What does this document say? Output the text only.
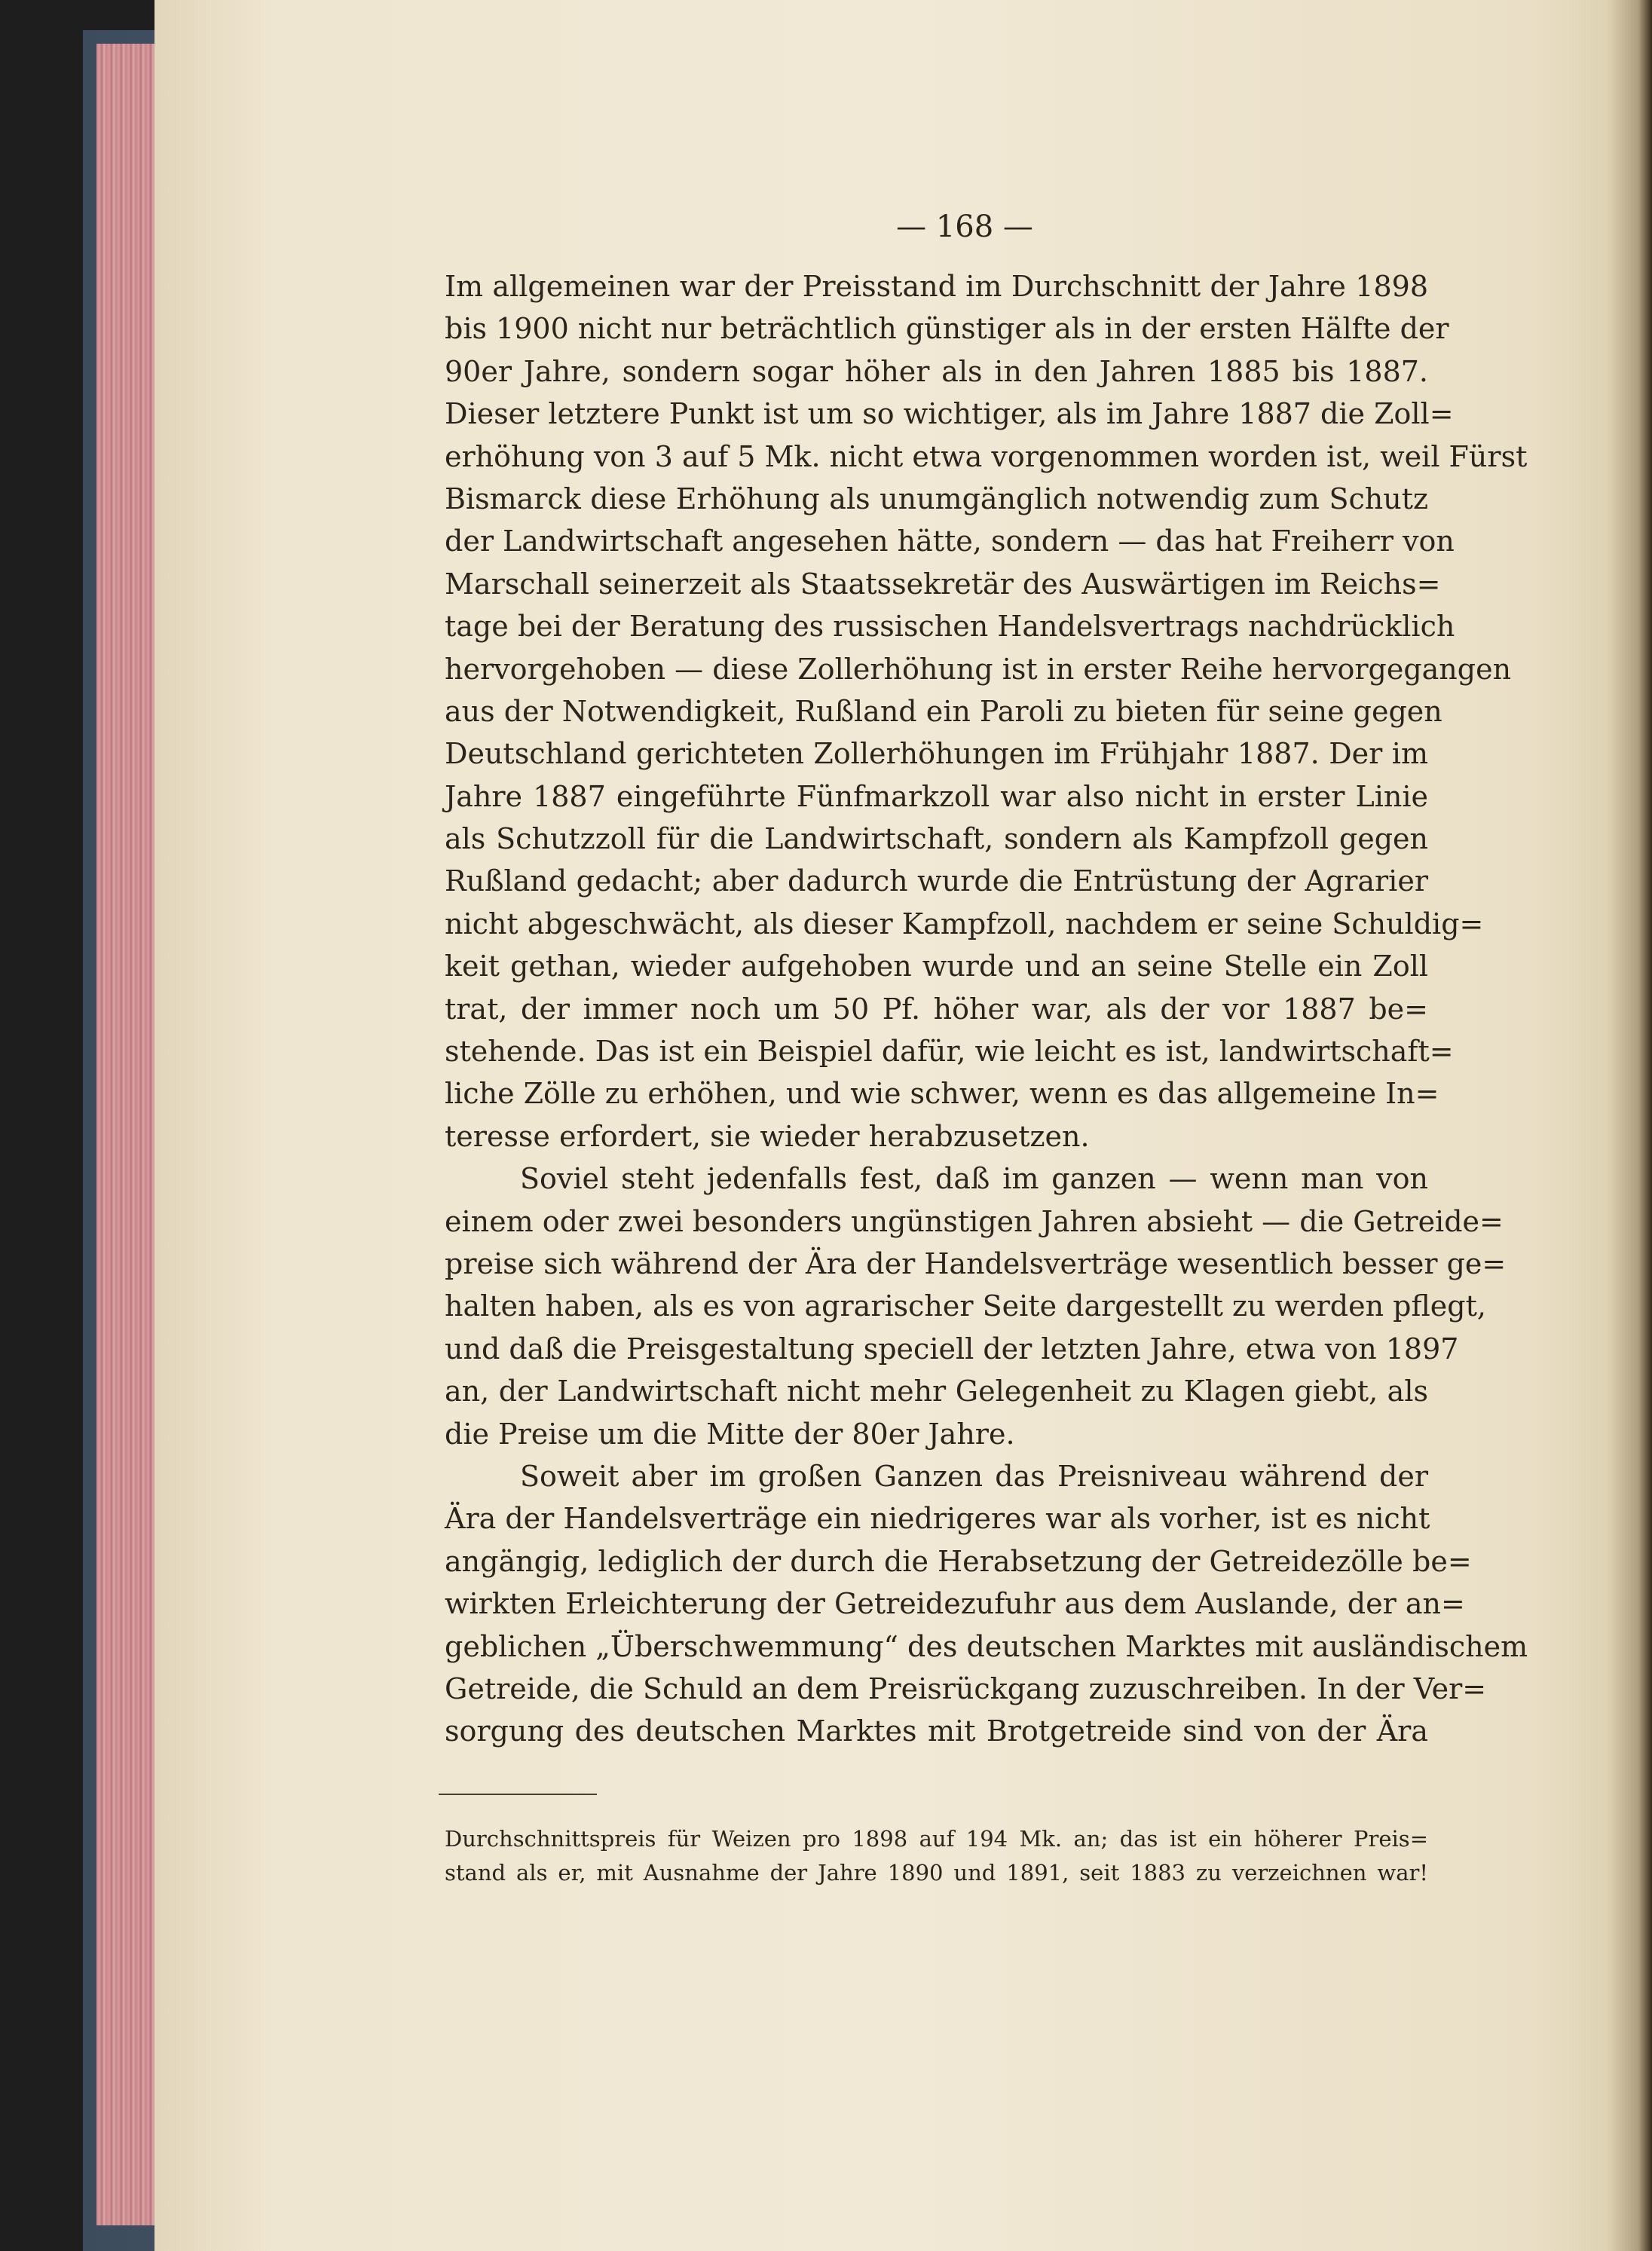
— 168 —
Im allgemeinen war der Preisstand im Durchschnitt der Jahre 1898
bis 1900 nicht nur beträchtlich günstiger als in der ersten Hälfte der
90er Jahre, sondern sogar höher als in den Jahren 1885 bis 1887.
Dieser letztere Punkt ist um so wichtiger, als im Jahre 1887 die Zoll=
erhöhung von 3 auf 5 Mk. nicht etwa vorgenommen worden ist, weil Fürst
Bismarck diese Erhöhung als unumgänglich notwendig zum Schutz
der Landwirtschaft angesehen hätte, sondern — das hat Freiherr von
Marschall seinerzeit als Staatssekretär des Auswärtigen im Reichs=
tage bei der Beratung des russischen Handelsvertrags nachdrücklich
hervorgehoben — diese Zollerhöhung ist in erster Reihe hervorgegangen
aus der Notwendigkeit, Rußland ein Paroli zu bieten für seine gegen
Deutschland gerichteten Zollerhöhungen im Frühjahr 1887. Der im
Jahre 1887 eingeführte Fünfmarkzoll war also nicht in erster Linie
als Schutzzoll für die Landwirtschaft, sondern als Kampfzoll gegen
Rußland gedacht; aber dadurch wurde die Entrüstung der Agrarier
nicht abgeschwächt, als dieser Kampfzoll, nachdem er seine Schuldig=
keit gethan, wieder aufgehoben wurde und an seine Stelle ein Zoll
trat, der immer noch um 50 Pf. höher war, als der vor 1887 be=
stehende. Das ist ein Beispiel dafür, wie leicht es ist, landwirtschaft=
liche Zölle zu erhöhen, und wie schwer, wenn es das allgemeine In=
teresse erfordert, sie wieder herabzusetzen.
Soviel steht jedenfalls fest, daß im ganzen — wenn man von
einem oder zwei besonders ungünstigen Jahren absieht — die Getreide=
preise sich während der Ära der Handelsverträge wesentlich besser ge=
halten haben, als es von agrarischer Seite dargestellt zu werden pflegt,
und daß die Preisgestaltung speciell der letzten Jahre, etwa von 1897
an, der Landwirtschaft nicht mehr Gelegenheit zu Klagen giebt, als
die Preise um die Mitte der 80er Jahre.
Soweit aber im großen Ganzen das Preisniveau während der
Ära der Handelsverträge ein niedrigeres war als vorher, ist es nicht
angängig, lediglich der durch die Herabsetzung der Getreidezölle be=
wirkten Erleichterung der Getreidezufuhr aus dem Auslande, der an=
geblichen „Überschwemmung“ des deutschen Marktes mit ausländischem
Getreide, die Schuld an dem Preisrückgang zuzuschreiben. In der Ver=
sorgung des deutschen Marktes mit Brotgetreide sind von der Ära
Durchschnittspreis für Weizen pro 1898 auf 194 Mk. an; das ist ein höherer Preis=
stand als er, mit Ausnahme der Jahre 1890 und 1891, seit 1883 zu verzeichnen war!
